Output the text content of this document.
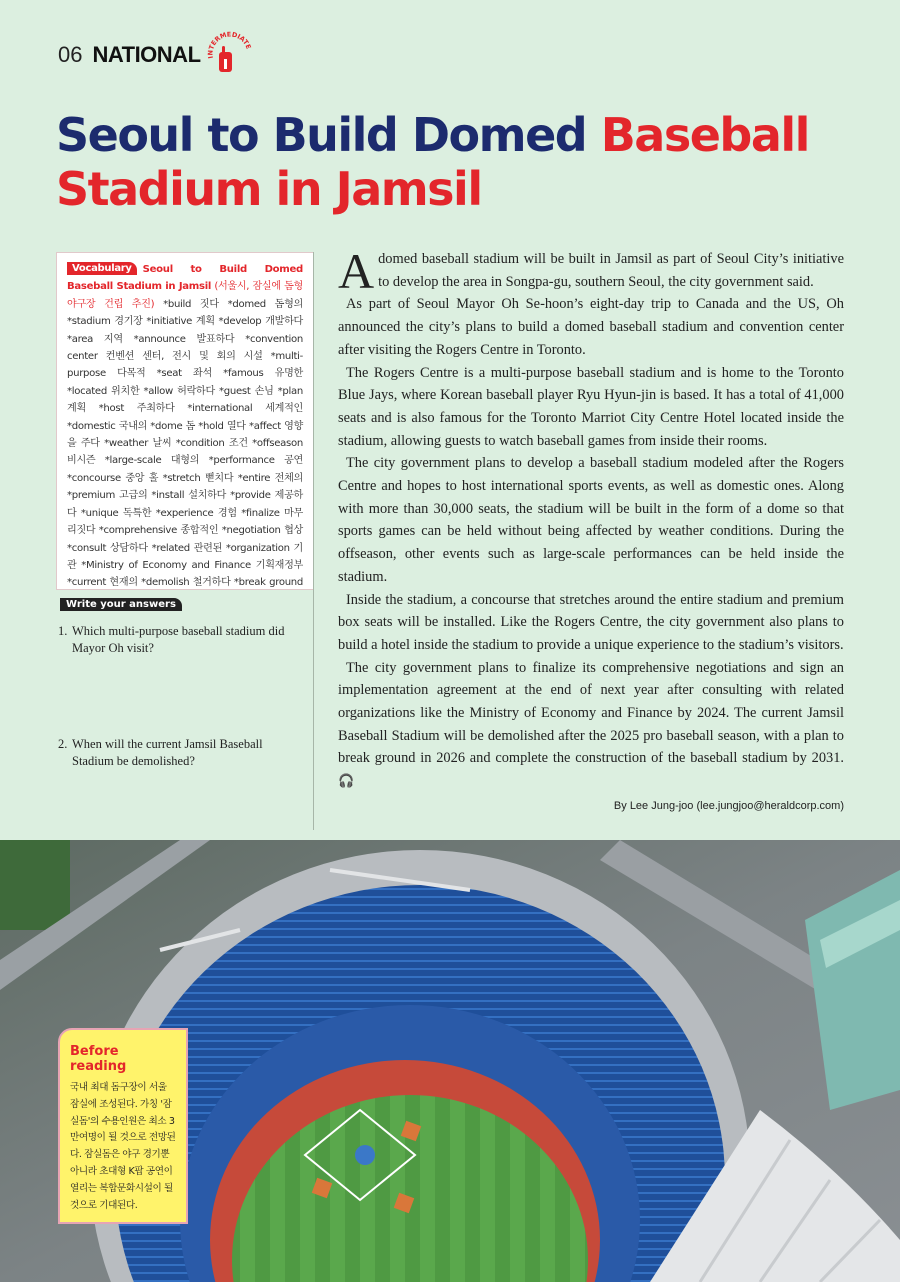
06 NATIONAL INTERMEDIATE
Seoul to Build Domed Baseball Stadium in Jamsil
Vocabulary Seoul to Build Domed Baseball Stadium in Jamsil (서울시, 잠실에 돔형 야구장 건립 추진) *build 짓다 *domed 돔형의 *stadium 경기장 *initiative 계획 *develop 개발하다 *area 지역 *announce 발표하다 *convention center 컨벤션 센터, 전시 및 회의 시설 *multi-purpose 다목적 *seat 좌석 *famous 유명한 *located 위치한 *allow 허락하다 *guest 손님 *plan 계획 *host 주최하다 *international 세계적인 *domestic 국내의 *dome 돔 *hold 열다 *affect 영향을 주다 *weather 날씨 *condition 조건 *offseason 비시즌 *large-scale 대형의 *performance 공연 *concourse 중앙 홀 *stretch 뻗치다 *entire 전체의 *premium 고급의 *install 설치하다 *provide 제공하다 *unique 독특한 *experience 경험 *finalize 마무리짓다 *comprehensive 종합적인 *negotiation 협상 *consult 상담하다 *related 관련된 *organization 기관 *Ministry of Economy and Finance 기획재정부 *current 현재의 *demolish 철거하다 *break ground
Write your answers
1. Which multi-purpose baseball stadium did Mayor Oh visit?
2. When will the current Jamsil Baseball Stadium be demolished?

A domed baseball stadium will be built in Jamsil as part of Seoul City’s initiative to develop the area in Songpa-gu, southern Seoul, the city government said.

As part of Seoul Mayor Oh Se-hoon’s eight-day trip to Canada and the US, Oh announced the city’s plans to build a domed baseball stadium and convention center after visiting the Rogers Centre in Toronto.

The Rogers Centre is a multi-purpose baseball stadium and is home to the Toronto Blue Jays, where Korean baseball player Ryu Hyun-jin is based. It has a total of 41,000 seats and is also famous for the Toronto Marriot City Centre Hotel located inside the stadium, allowing guests to watch baseball games from inside their rooms.

The city government plans to develop a baseball stadium modeled after the Rogers Centre and hopes to host international sports events, as well as domestic ones. Along with more than 30,000 seats, the stadium will be built in the form of a dome so that sports games can be held without being affected by weather conditions. During the offseason, other events such as large-scale performances can be held inside the stadium.

Inside the stadium, a concourse that stretches around the entire stadium and premium box seats will be installed. Like the Rogers Centre, the city government also plans to build a hotel inside the stadium to provide a unique experience to the stadium’s visitors.

The city government plans to finalize its comprehensive negotiations and sign an implementation agreement at the end of next year after consulting with related organizations like the Ministry of Economy and Finance by 2024. The current Jamsil Baseball Stadium will be demolished after the 2025 pro baseball season, with a plan to break ground in 2026 and complete the construction of the baseball stadium by 2031. 🎧

By Lee Jung-joo (lee.jungjoo@heraldcorp.com)
Before reading
국내 최대 돔구장이 서울 잠실에 조성된다. 가칭 '잠실돔'의 수용인원은 최소 3만여명이 될 것으로 전망된다. 잠실돔은 야구 경기뿐 아니라 초대형 K팝 공연이 열리는 복합문화시설이 될 것으로 기대된다.
